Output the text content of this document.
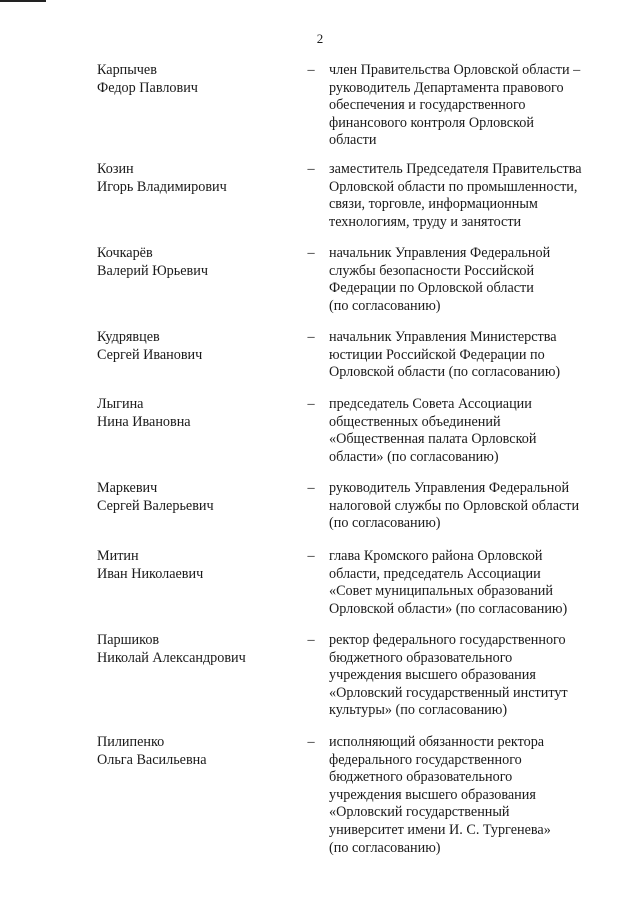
2
Карпычев
Федор Павлович
– член Правительства Орловской области –
руководитель Департамента правового
обеспечения и государственного
финансового контроля Орловской
области
Козин
Игорь Владимирович
– заместитель Председателя Правительства
Орловской области по промышленности,
связи, торговле, информационным
технологиям, труду и занятости
Кочкарёв
Валерий Юрьевич
– начальник Управления Федеральной
службы безопасности Российской
Федерации по Орловской области
(по согласованию)
Кудрявцев
Сергей Иванович
– начальник Управления Министерства
юстиции Российской Федерации по
Орловской области (по согласованию)
Лыгина
Нина Ивановна
– председатель Совета Ассоциации
общественных объединений
«Общественная палата Орловской
области» (по согласованию)
Маркевич
Сергей Валерьевич
– руководитель Управления Федеральной
налоговой службы по Орловской области
(по согласованию)
Митин
Иван Николаевич
– глава Кромского района Орловской
области, председатель Ассоциации
«Совет муниципальных образований
Орловской области» (по согласованию)
Паршиков
Николай Александрович
– ректор федерального государственного
бюджетного образовательного
учреждения высшего образования
«Орловский государственный институт
культуры» (по согласованию)
Пилипенко
Ольга Васильевна
– исполняющий обязанности ректора
федерального государственного
бюджетного образовательного
учреждения высшего образования
«Орловский государственный
университет имени И. С. Тургенева»
(по согласованию)
